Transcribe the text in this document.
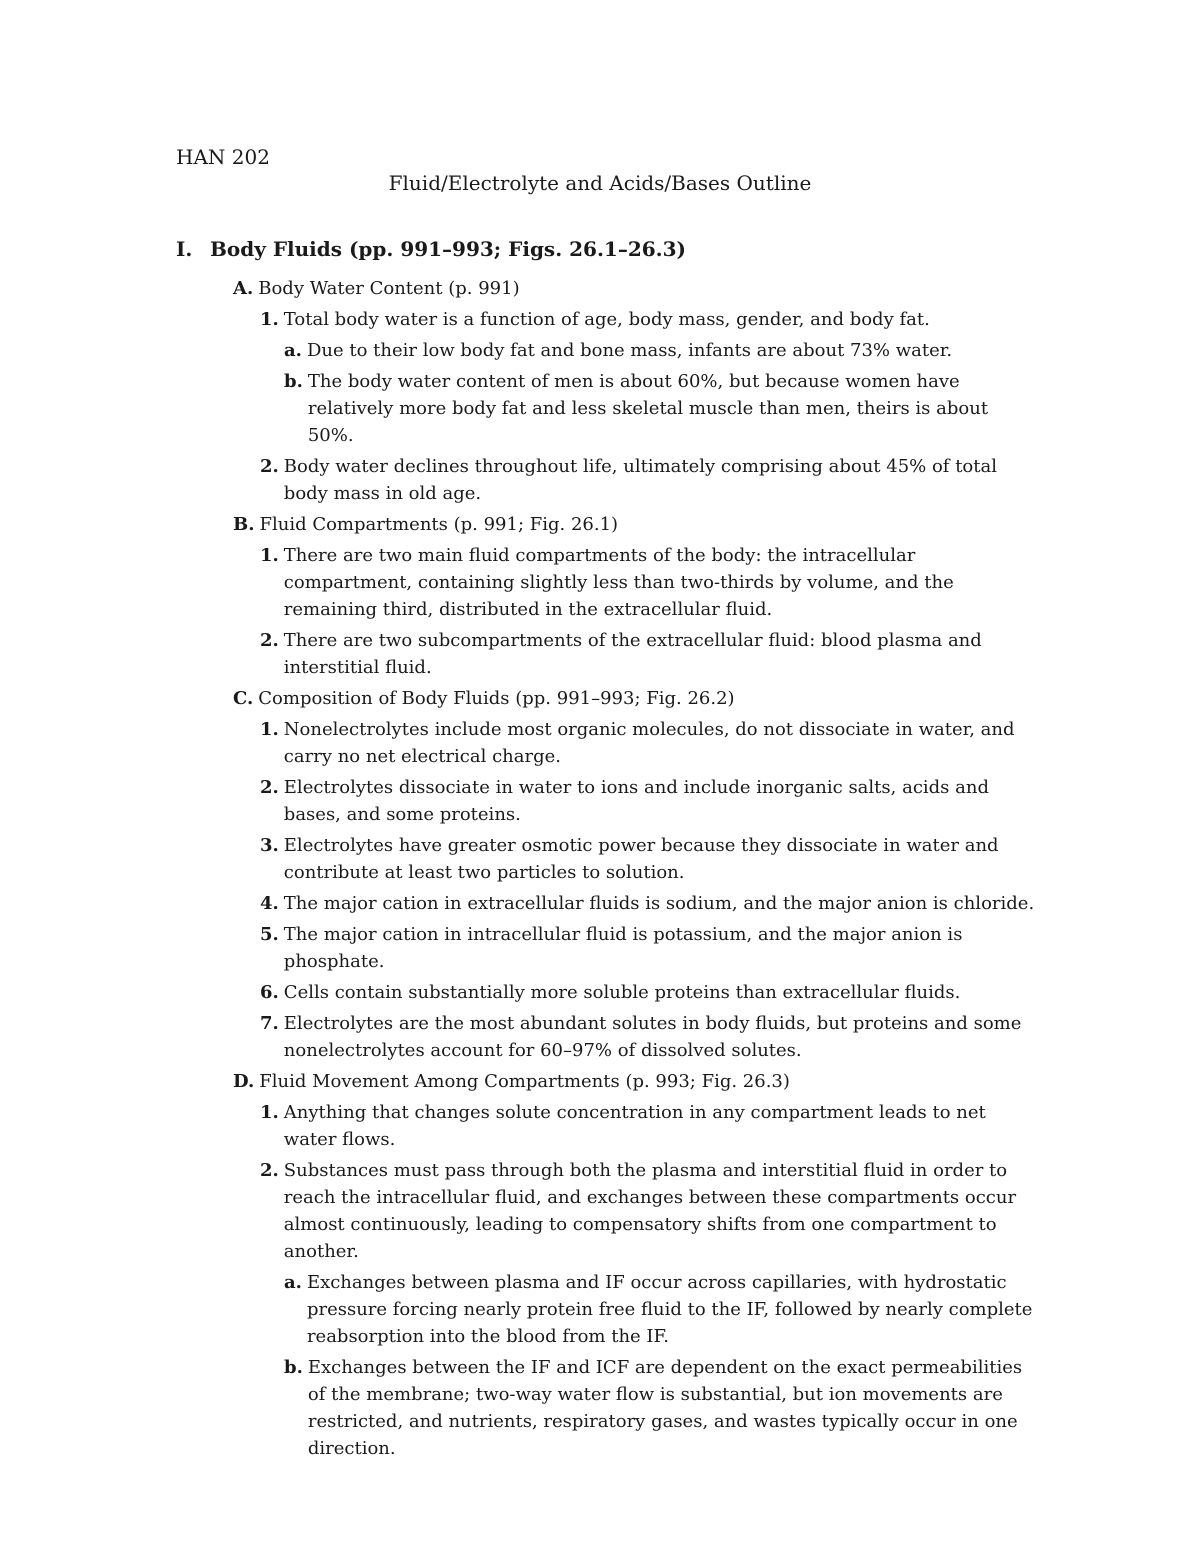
HAN 202
Fluid/Electrolyte and Acids/Bases Outline
I. Body Fluids (pp. 991–993; Figs. 26.1–26.3)
A. Body Water Content (p. 991)
1. Total body water is a function of age, body mass, gender, and body fat.
a. Due to their low body fat and bone mass, infants are about 73% water.
b. The body water content of men is about 60%, but because women have relatively more body fat and less skeletal muscle than men, theirs is about 50%.
2. Body water declines throughout life, ultimately comprising about 45% of total body mass in old age.
B. Fluid Compartments (p. 991; Fig. 26.1)
1. There are two main fluid compartments of the body: the intracellular compartment, containing slightly less than two-thirds by volume, and the remaining third, distributed in the extracellular fluid.
2. There are two subcompartments of the extracellular fluid: blood plasma and interstitial fluid.
C. Composition of Body Fluids (pp. 991–993; Fig. 26.2)
1. Nonelectrolytes include most organic molecules, do not dissociate in water, and carry no net electrical charge.
2. Electrolytes dissociate in water to ions and include inorganic salts, acids and bases, and some proteins.
3. Electrolytes have greater osmotic power because they dissociate in water and contribute at least two particles to solution.
4. The major cation in extracellular fluids is sodium, and the major anion is chloride.
5. The major cation in intracellular fluid is potassium, and the major anion is phosphate.
6. Cells contain substantially more soluble proteins than extracellular fluids.
7. Electrolytes are the most abundant solutes in body fluids, but proteins and some nonelectrolytes account for 60–97% of dissolved solutes.
D. Fluid Movement Among Compartments (p. 993; Fig. 26.3)
1. Anything that changes solute concentration in any compartment leads to net water flows.
2. Substances must pass through both the plasma and interstitial fluid in order to reach the intracellular fluid, and exchanges between these compartments occur almost continuously, leading to compensatory shifts from one compartment to another.
a. Exchanges between plasma and IF occur across capillaries, with hydrostatic pressure forcing nearly protein free fluid to the IF, followed by nearly complete reabsorption into the blood from the IF.
b. Exchanges between the IF and ICF are dependent on the exact permeabilities of the membrane; two-way water flow is substantial, but ion movements are restricted, and nutrients, respiratory gases, and wastes typically occur in one direction.
